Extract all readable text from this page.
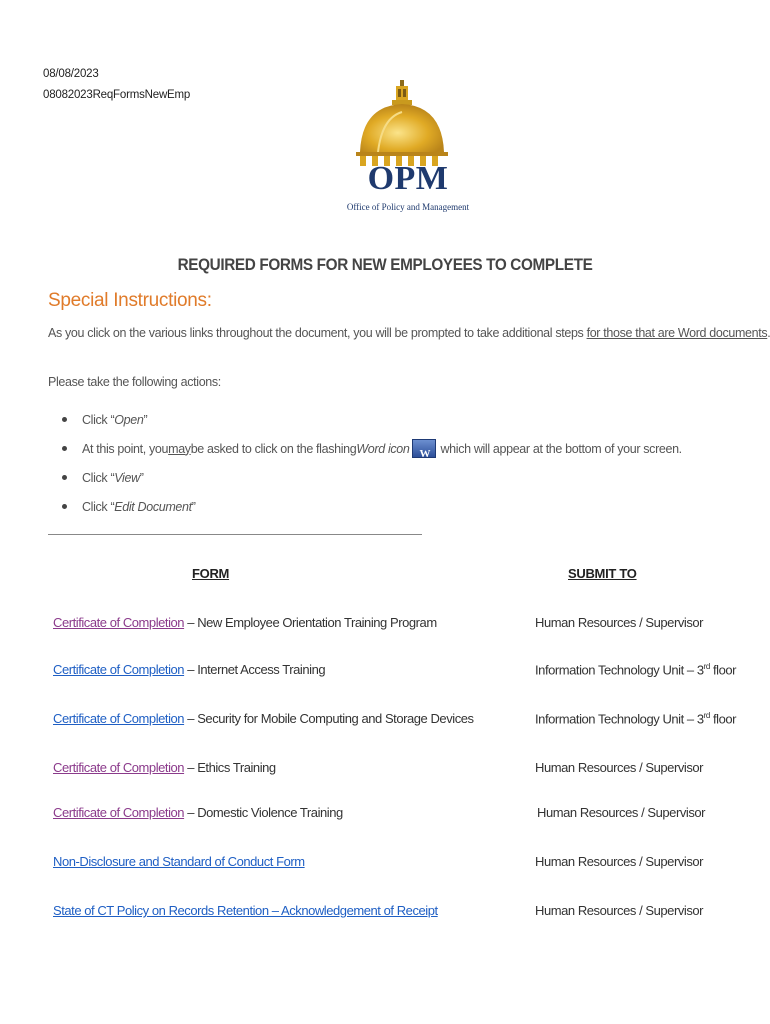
08/08/2023
08082023ReqFormsNewEmp
OPM
Office of Policy and Management
REQUIRED FORMS FOR NEW EMPLOYEES TO COMPLETE
Special Instructions:
As you click on the various links throughout the document, you will be prompted to take additional steps for those that are Word documents
Please take the following actions:
Click “ Open ”
At this point, you may be asked to click on the flashing Word icon W which will appear at the bottom of your screen.
Click “ View ”
Click “ Edit Document ”
FORM	SUBMIT TO
Certificate of Completion – New Employee Orientation Training Program	Human Resources / Supervisor
Certificate of Completion – Internet Access Training	Information Technology Unit – 3rd floor
Certificate of Completion – Security for Mobile Computing and Storage Devices	Information Technology Unit – 3rd floor
Certificate of Completion – Ethics Training	Human Resources / Supervisor
Certificate of Completion – Domestic Violence Training	Human Resources / Supervisor
Non-Disclosure and Standard of Conduct Form	Human Resources / Supervisor
State of CT Policy on Records Retention – Acknowledgement of Receipt	Human Resources / Supervisor
